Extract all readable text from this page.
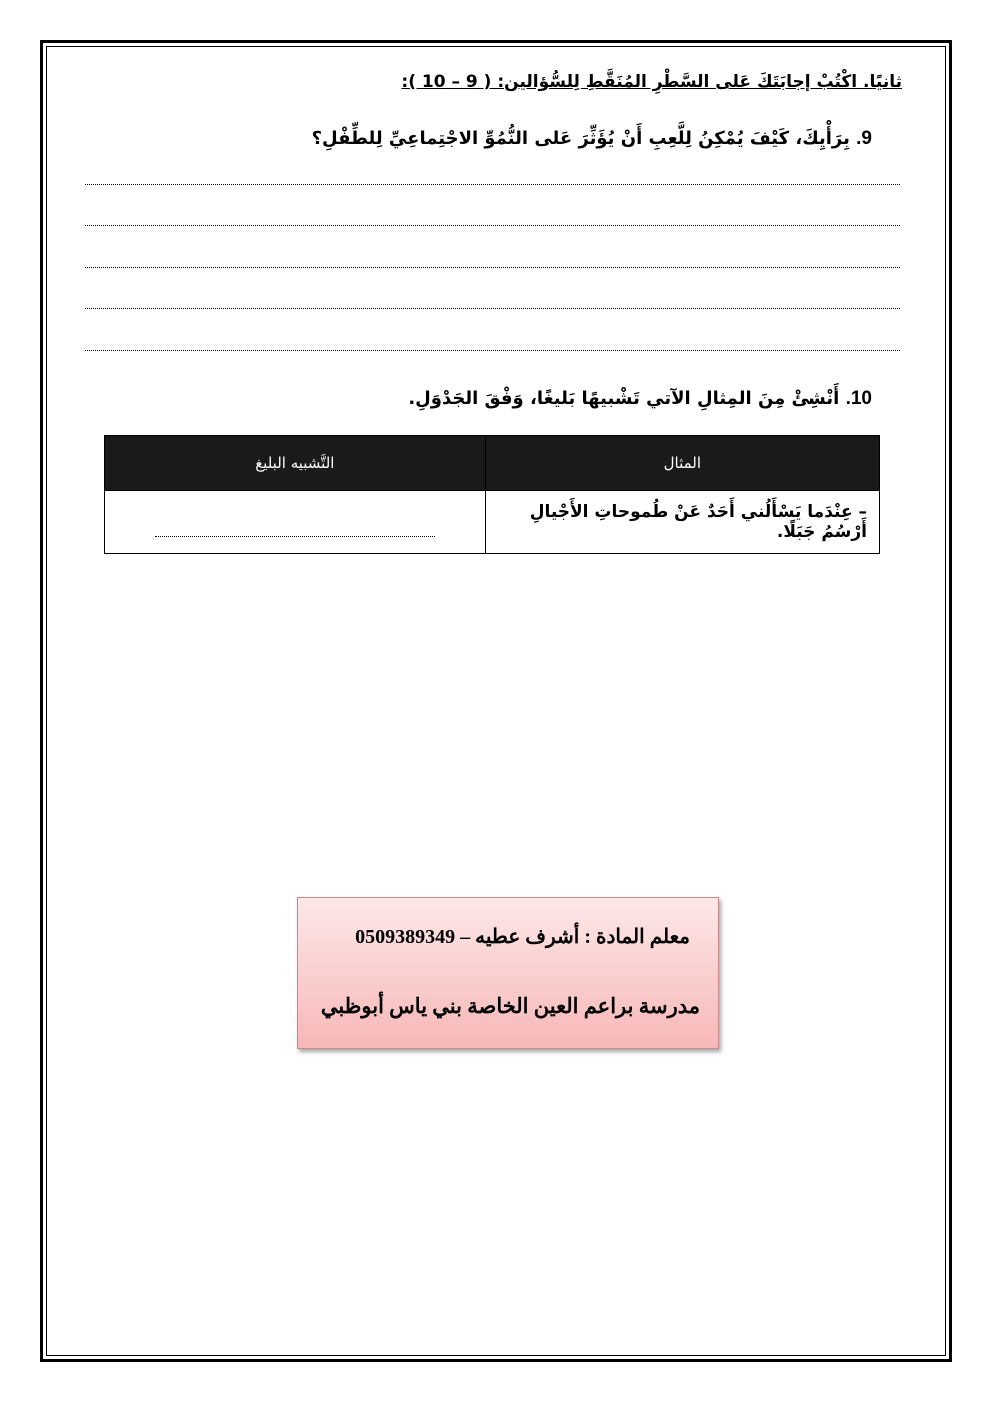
ثانيًا. اكْتُبْ إجابَتَكَ عَلى السَّطْرِ المُنَقَّطِ لِلسُّؤالين: ( 9 – 10 ):
9. بِرَأْيِكَ، كَيْفَ يُمْكِنُ لِلَّعِبِ أَنْ يُؤَثِّرَ عَلى النُّمُوِّ الاجْتِماعِيِّ لِلطِّفْلِ؟
10. أَنْشِئْ مِنَ المِثالِ الآتي تَشْبيهًا بَليغًا، وَفْقَ الجَدْوَلِ.
المثال	التَّشبيه البليغ
– عِنْدَما يَسْأَلُني أَحَدٌ عَنْ طُموحاتِ الأَجْيالِ أَرْسُمُ جَبَلًا.	
معلم المادة : أشرف عطيه – 0509389349
مدرسة براعم العين الخاصة بني ياس أبوظبي
